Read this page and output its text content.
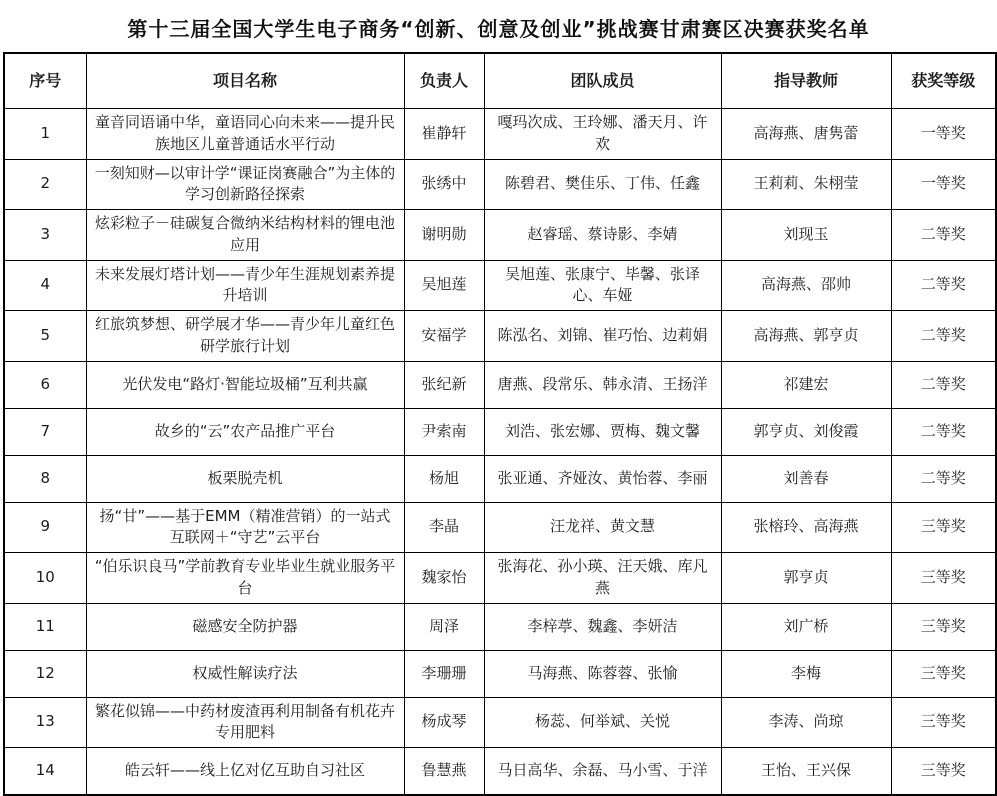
第十三届全国大学生电子商务“创新、创意及创业”挑战赛甘肃赛区决赛获奖名单
序号	项目名称	负责人	团队成员	指导教师	获奖等级
1	童音同语诵中华，童语同心向未来——提升民族地区儿童普通话水平行动	崔静轩	嘎玛次成、王玲娜、潘天月、许欢	高海燕、唐隽蕾	一等奖
2	一刻知财—以审计学“课证岗赛融合”为主体的学习创新路径探索	张绣中	陈碧君、樊佳乐、丁伟、任鑫	王莉莉、朱栩莹	一等奖
3	炫彩粒子－硅碳复合微纳米结构材料的锂电池应用	谢明勋	赵睿瑶、蔡诗影、李婧	刘现玉	二等奖
4	未来发展灯塔计划——青少年生涯规划素养提升培训	吴旭莲	吴旭莲、张康宁、毕馨、张译心、车娅	高海燕、邵帅	二等奖
5	红旅筑梦想、研学展才华——青少年儿童红色研学旅行计划	安福学	陈泓名、刘锦、崔巧怡、边莉娟	高海燕、郭亨贞	二等奖
6	光伏发电“路灯·智能垃圾桶”互利共赢	张纪新	唐燕、段常乐、韩永清、王扬洋	祁建宏	二等奖
7	故乡的“云”农产品推广平台	尹索南	刘浩、张宏娜、贾梅、魏文馨	郭亨贞、刘俊霞	二等奖
8	板栗脱壳机	杨旭	张亚通、齐娅汝、黄怡蓉、李丽	刘善春	二等奖
9	扬“甘”——基于EMM（精准营销）的一站式互联网＋“守艺”云平台	李晶	汪龙祥、黄文慧	张榕玲、高海燕	三等奖
10	“伯乐识良马”学前教育专业毕业生就业服务平台	魏家怡	张海花、孙小瑛、汪天娥、库凡燕	郭亨贞	三等奖
11	磁感安全防护器	周泽	李梓葶、魏鑫、李妍洁	刘广桥	三等奖
12	权威性解读疗法	李珊珊	马海燕、陈蓉蓉、张愉	李梅	三等奖
13	繁花似锦——中药材废渣再利用制备有机花卉专用肥料	杨成琴	杨蕊、何举斌、关悦	李涛、尚琼	三等奖
14	皓云轩——线上亿对亿互助自习社区	鲁慧燕	马日高华、余磊、马小雪、于洋	王怡、王兴保	三等奖
